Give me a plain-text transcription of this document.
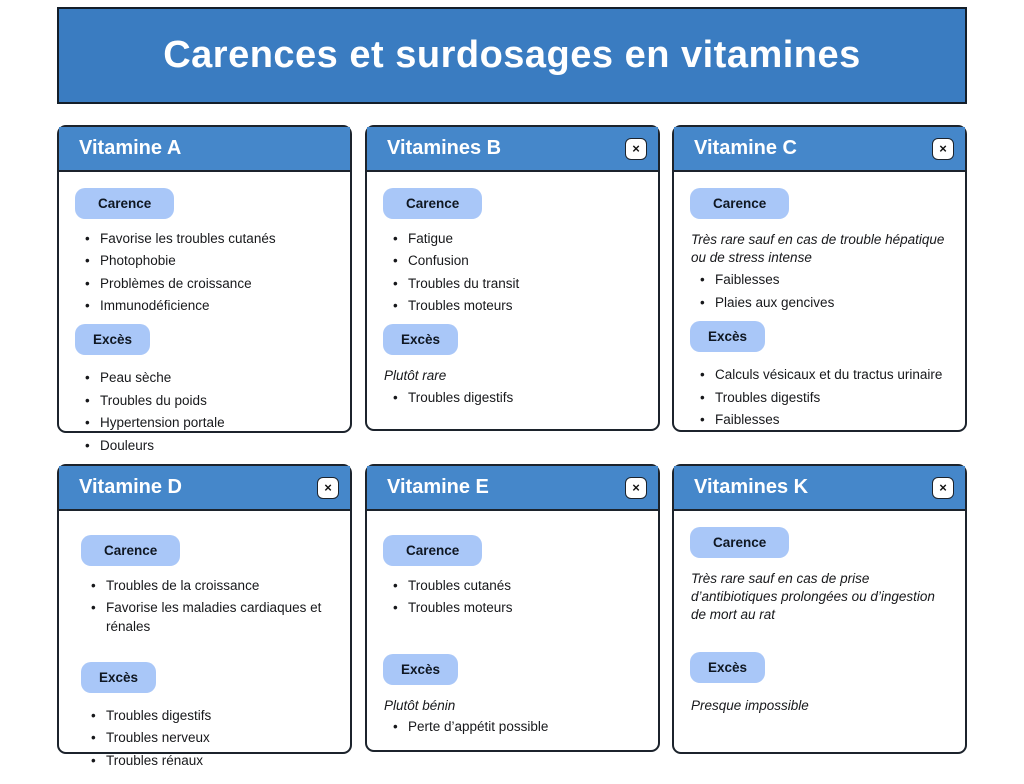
Carences et surdosages en vitamines
Vitamine A
Carence
• Favorise les troubles cutanés
• Photophobie
• Problèmes de croissance
• Immunodéficience
Excès
• Peau sèche
• Troubles du poids
• Hypertension portale
• Douleurs
Vitamines B	×
Carence
• Fatigue
• Confusion
• Troubles du transit
• Troubles moteurs
Excès
Plutôt rare
• Troubles digestifs
Vitamine C	×
Carence
Très rare sauf en cas de trouble hépatique ou de stress intense
• Faiblesses
• Plaies aux gencives
Excès
• Calculs vésicaux et du tractus urinaire
• Troubles digestifs
• Faiblesses
Vitamine D	×
Carence
• Troubles de la croissance
• Favorise les maladies cardiaques et rénales
Excès
• Troubles digestifs
• Troubles nerveux
• Troubles rénaux
Vitamine E	×
Carence
• Troubles cutanés
• Troubles moteurs
Excès
Plutôt bénin
• Perte d’appétit possible
Vitamines K	×
Carence
Très rare sauf en cas de prise d’antibiotiques prolongées ou d’ingestion de mort au rat
Excès
Presque impossible
